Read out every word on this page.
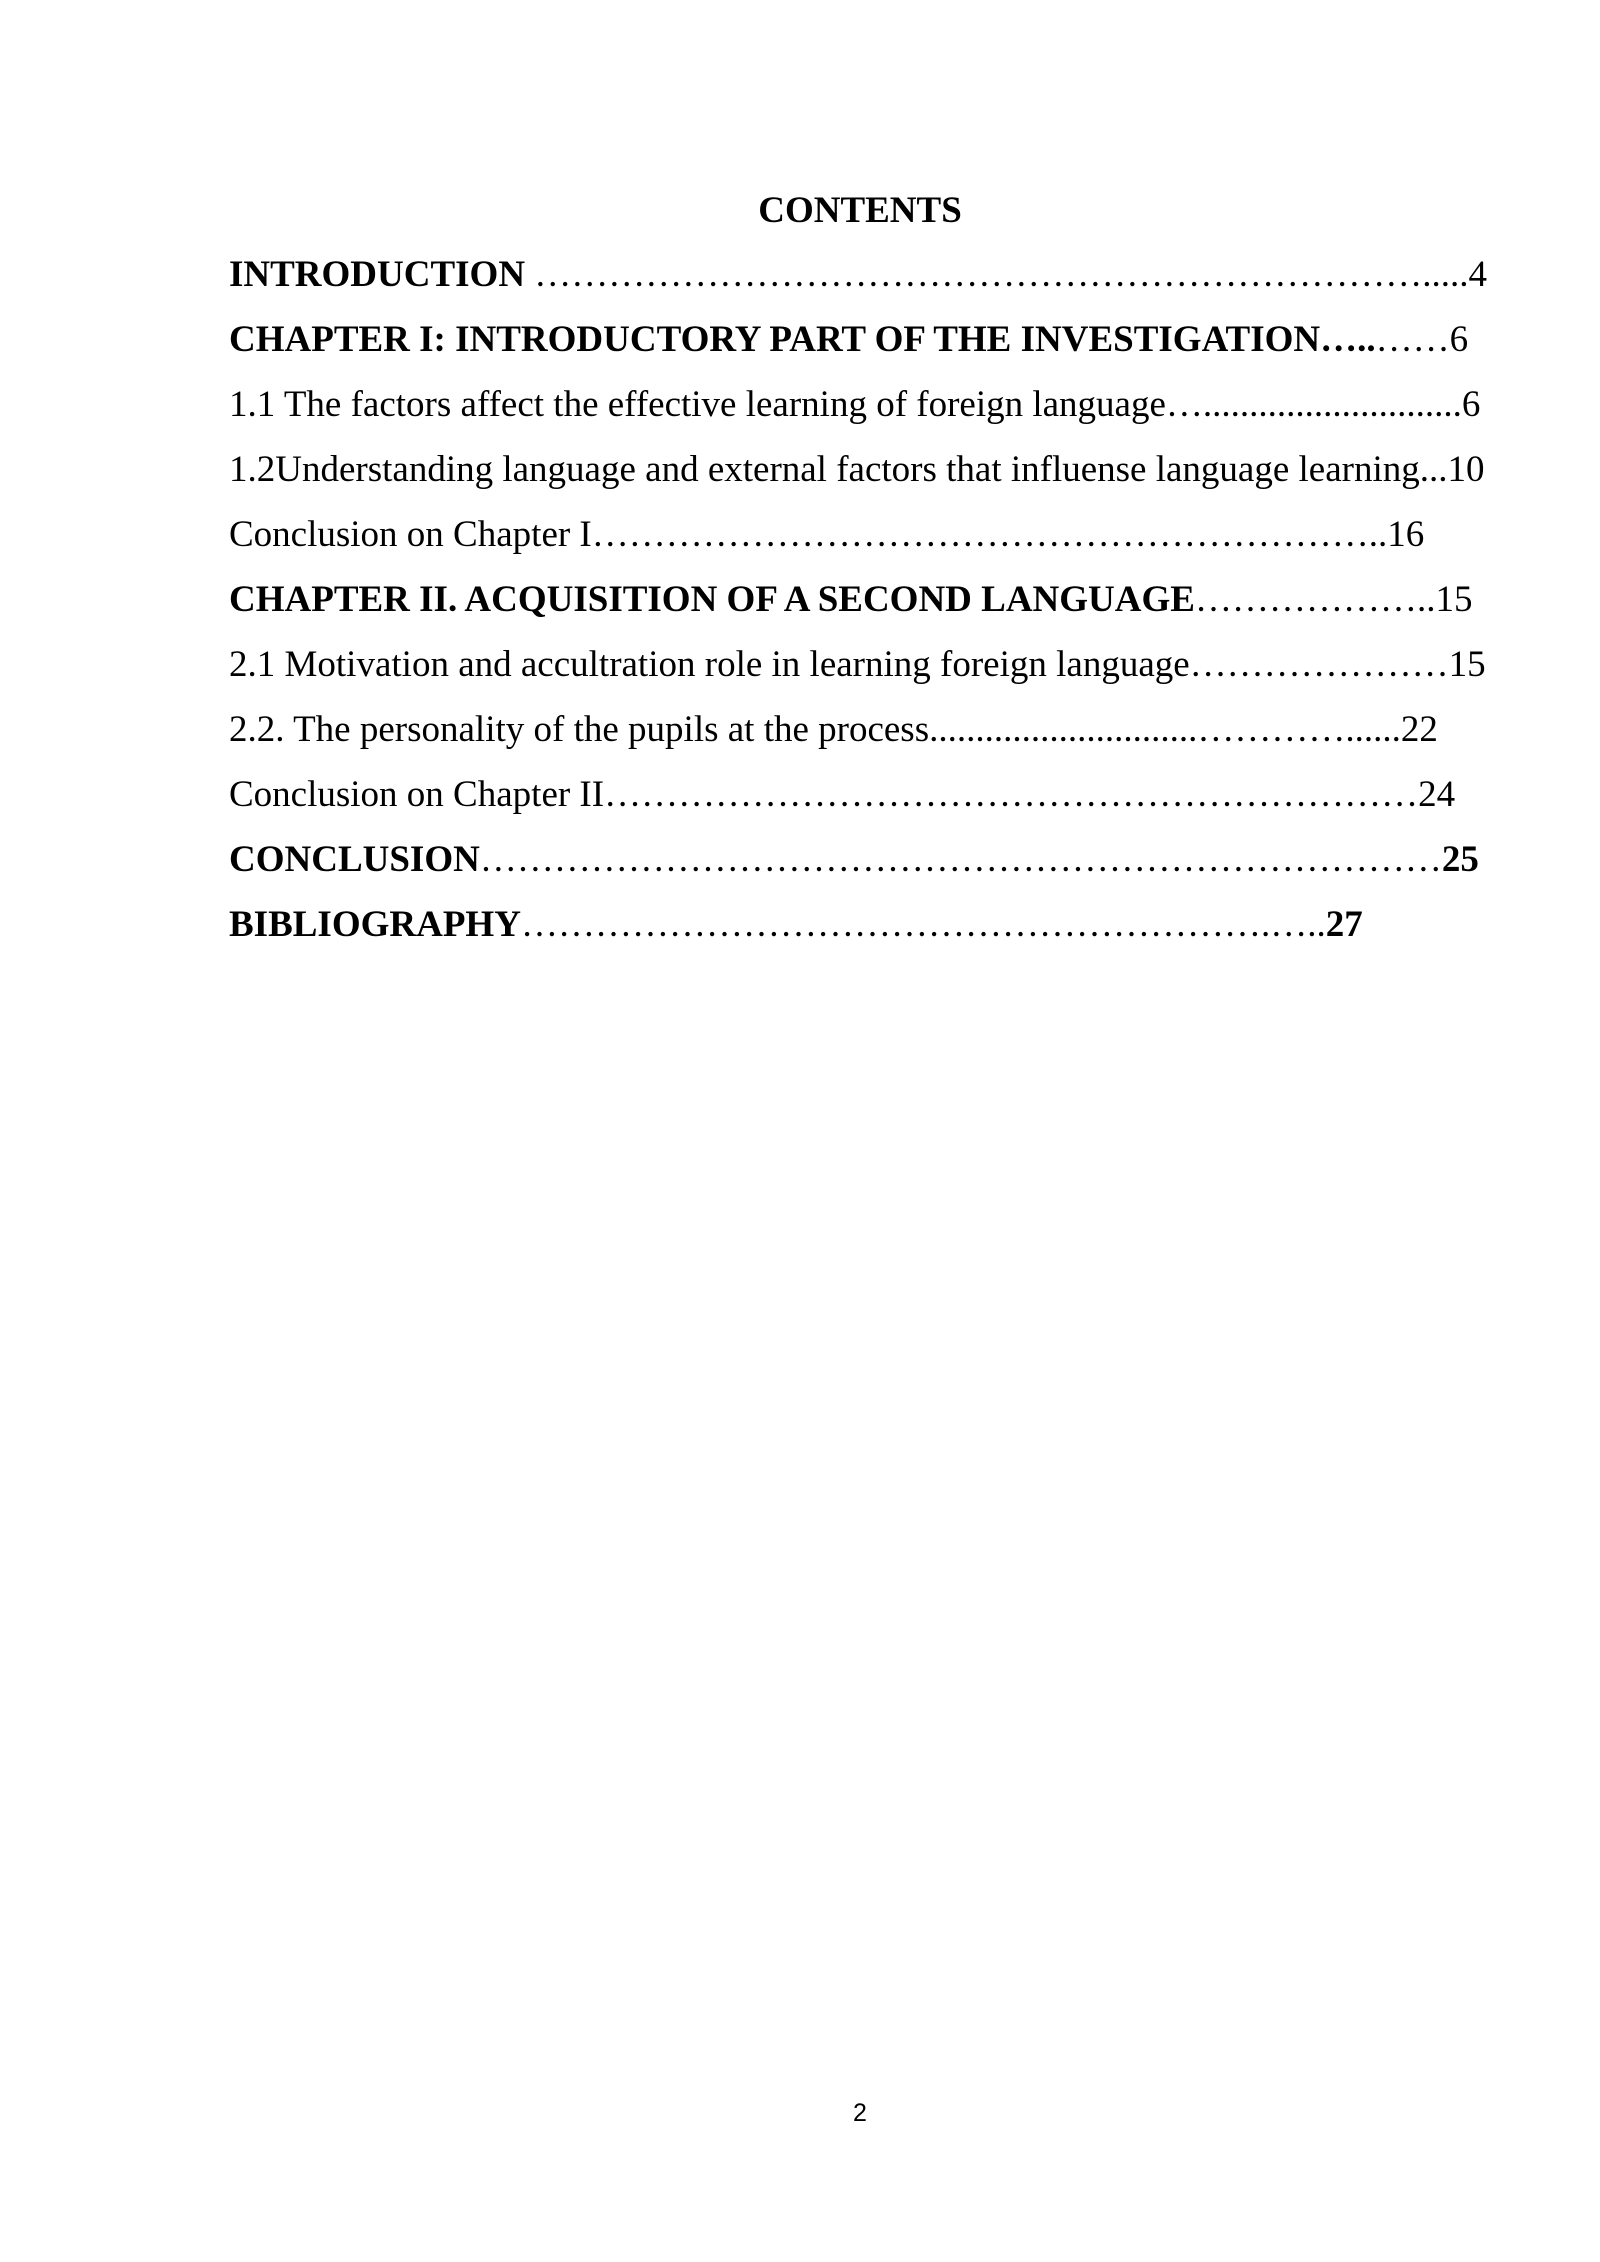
CONTENTS
INTRODUCTION ……………………………………………………………….....4
CHAPTER I: INTRODUCTORY PART OF THE INVESTIGATION…..……6
1.1 The factors affect the effective learning of foreign language…............................6
1.2Understanding language and external factors that influense language learning...10
Conclusion on Chapter I………………………………………………………..16
CHAPTER II. ACQUISITION OF A SECOND LANGUAGE………………..15
2.1 Motivation and accultration role in learning foreign language…………………15
2.2. The personality of the pupils at the process.............................…………......22
Conclusion on Chapter II…………………………………………………………24
CONCLUSION……………………………………………………………………25
BIBLIOGRAPHY…………………………………………………….…..27
2
